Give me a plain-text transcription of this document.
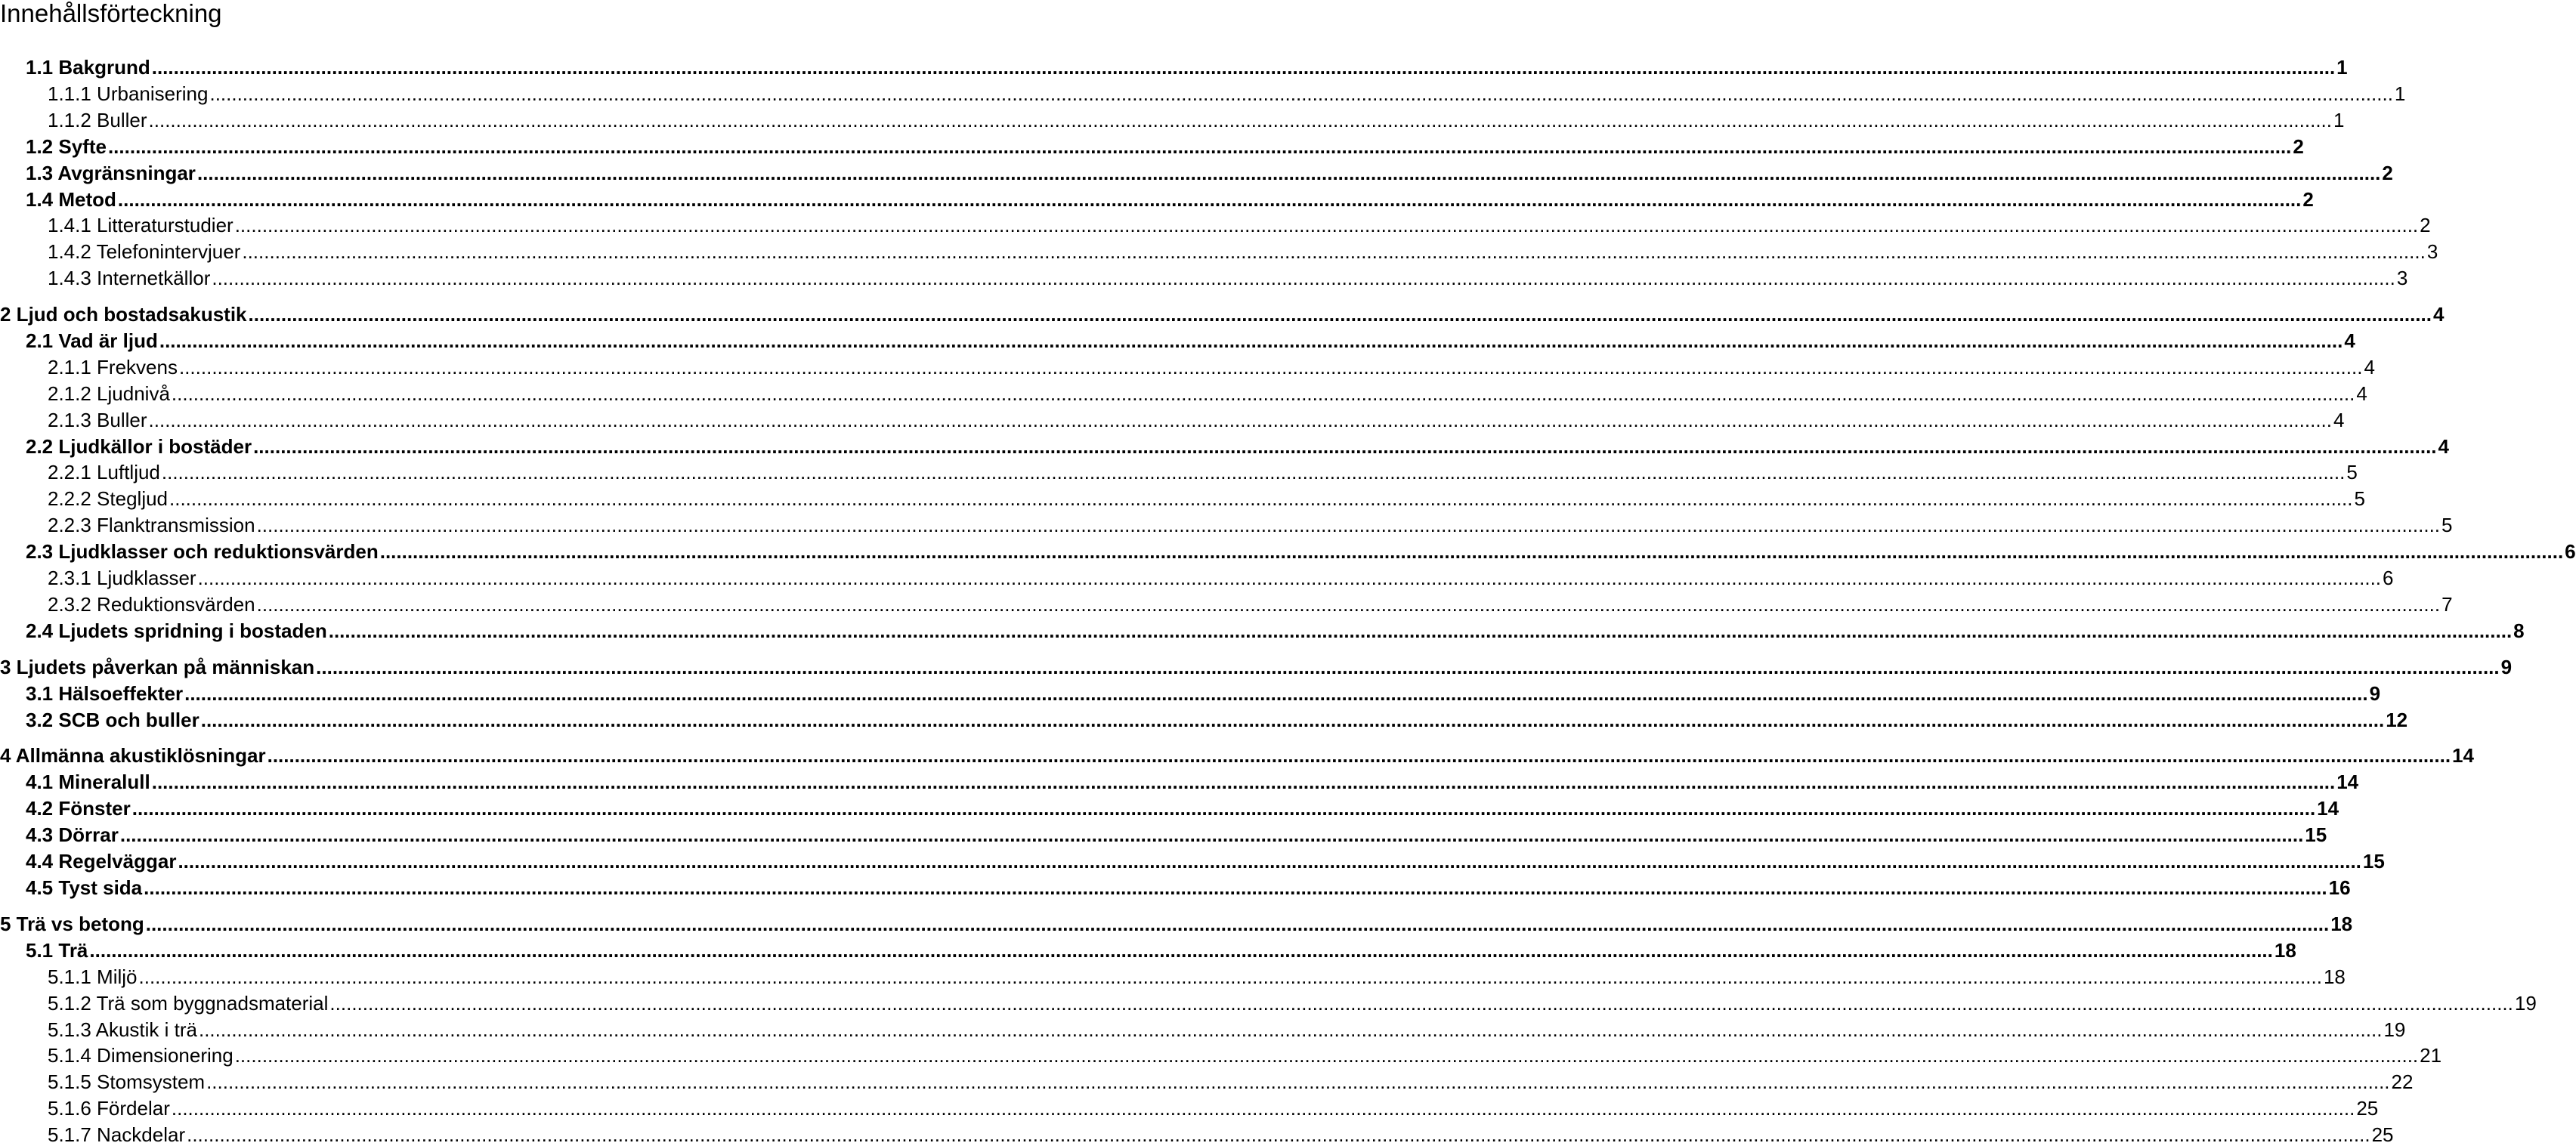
Innehållsförteckning
1.1 Bakgrund ................................................................................................................................................................................................................................................................................................................................................................................................................ 1
1.1.1 Urbanisering ................................................................................................................................................................................................................................................................................................................................................................................................................ 1
1.1.2 Buller ................................................................................................................................................................................................................................................................................................................................................................................................................ 1
1.2 Syfte ................................................................................................................................................................................................................................................................................................................................................................................................................ 2
1.3 Avgränsningar ................................................................................................................................................................................................................................................................................................................................................................................................................ 2
1.4 Metod ................................................................................................................................................................................................................................................................................................................................................................................................................ 2
1.4.1 Litteraturstudier ................................................................................................................................................................................................................................................................................................................................................................................................................ 2
1.4.2 Telefonintervjuer ................................................................................................................................................................................................................................................................................................................................................................................................................ 3
1.4.3 Internetkällor ................................................................................................................................................................................................................................................................................................................................................................................................................ 3
2 Ljud och bostadsakustik ................................................................................................................................................................................................................................................................................................................................................................................................................ 4
2.1 Vad är ljud ................................................................................................................................................................................................................................................................................................................................................................................................................ 4
2.1.1 Frekvens ................................................................................................................................................................................................................................................................................................................................................................................................................ 4
2.1.2 Ljudnivå ................................................................................................................................................................................................................................................................................................................................................................................................................ 4
2.1.3 Buller ................................................................................................................................................................................................................................................................................................................................................................................................................ 4
2.2 Ljudkällor i bostäder ................................................................................................................................................................................................................................................................................................................................................................................................................ 4
2.2.1 Luftljud ................................................................................................................................................................................................................................................................................................................................................................................................................ 5
2.2.2 Stegljud ................................................................................................................................................................................................................................................................................................................................................................................................................ 5
2.2.3 Flanktransmission ................................................................................................................................................................................................................................................................................................................................................................................................................ 5
2.3 Ljudklasser och reduktionsvärden ................................................................................................................................................................................................................................................................................................................................................................................................................ 6
2.3.1 Ljudklasser ................................................................................................................................................................................................................................................................................................................................................................................................................ 6
2.3.2 Reduktionsvärden ................................................................................................................................................................................................................................................................................................................................................................................................................ 7
2.4 Ljudets spridning i bostaden ................................................................................................................................................................................................................................................................................................................................................................................................................ 8
3 Ljudets påverkan på människan ................................................................................................................................................................................................................................................................................................................................................................................................................ 9
3.1 Hälsoeffekter ................................................................................................................................................................................................................................................................................................................................................................................................................ 9
3.2 SCB och buller ................................................................................................................................................................................................................................................................................................................................................................................................................ 12
4 Allmänna akustiklösningar ................................................................................................................................................................................................................................................................................................................................................................................................................ 14
4.1 Mineralull ................................................................................................................................................................................................................................................................................................................................................................................................................ 14
4.2 Fönster ................................................................................................................................................................................................................................................................................................................................................................................................................ 14
4.3 Dörrar ................................................................................................................................................................................................................................................................................................................................................................................................................ 15
4.4 Regelväggar ................................................................................................................................................................................................................................................................................................................................................................................................................ 15
4.5 Tyst sida ................................................................................................................................................................................................................................................................................................................................................................................................................ 16
5 Trä vs betong ................................................................................................................................................................................................................................................................................................................................................................................................................ 18
5.1 Trä ................................................................................................................................................................................................................................................................................................................................................................................................................ 18
5.1.1 Miljö ................................................................................................................................................................................................................................................................................................................................................................................................................ 18
5.1.2 Trä som byggnadsmaterial ................................................................................................................................................................................................................................................................................................................................................................................................................ 19
5.1.3 Akustik i trä ................................................................................................................................................................................................................................................................................................................................................................................................................ 19
5.1.4 Dimensionering ................................................................................................................................................................................................................................................................................................................................................................................................................ 21
5.1.5 Stomsystem ................................................................................................................................................................................................................................................................................................................................................................................................................ 22
5.1.6 Fördelar ................................................................................................................................................................................................................................................................................................................................................................................................................ 25
5.1.7 Nackdelar ................................................................................................................................................................................................................................................................................................................................................................................................................ 25
